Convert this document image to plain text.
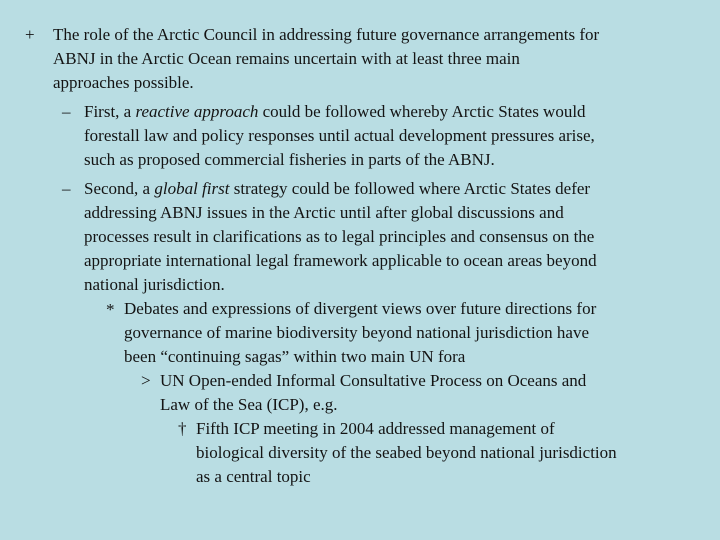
+ The role of the Arctic Council in addressing future governance arrangements for
ABNJ in the Arctic Ocean remains uncertain with at least three main
approaches possible.
– First, a reactive approach could be followed whereby Arctic States would
forestall law and policy responses until actual development pressures arise,
such as proposed commercial fisheries in parts of the ABNJ.
– Second, a global first strategy could be followed where Arctic States defer
addressing ABNJ issues in the Arctic until after global discussions and
processes result in clarifications as to legal principles and consensus on the
appropriate international legal framework applicable to ocean areas beyond
national jurisdiction.
* Debates and expressions of divergent views over future directions for
governance of marine biodiversity beyond national jurisdiction have
been “continuing sagas” within two main UN fora
> UN Open-ended Informal Consultative Process on Oceans and
Law of the Sea (ICP), e.g.
† Fifth ICP meeting in 2004 addressed management of
biological diversity of the seabed beyond national jurisdiction
as a central topic
